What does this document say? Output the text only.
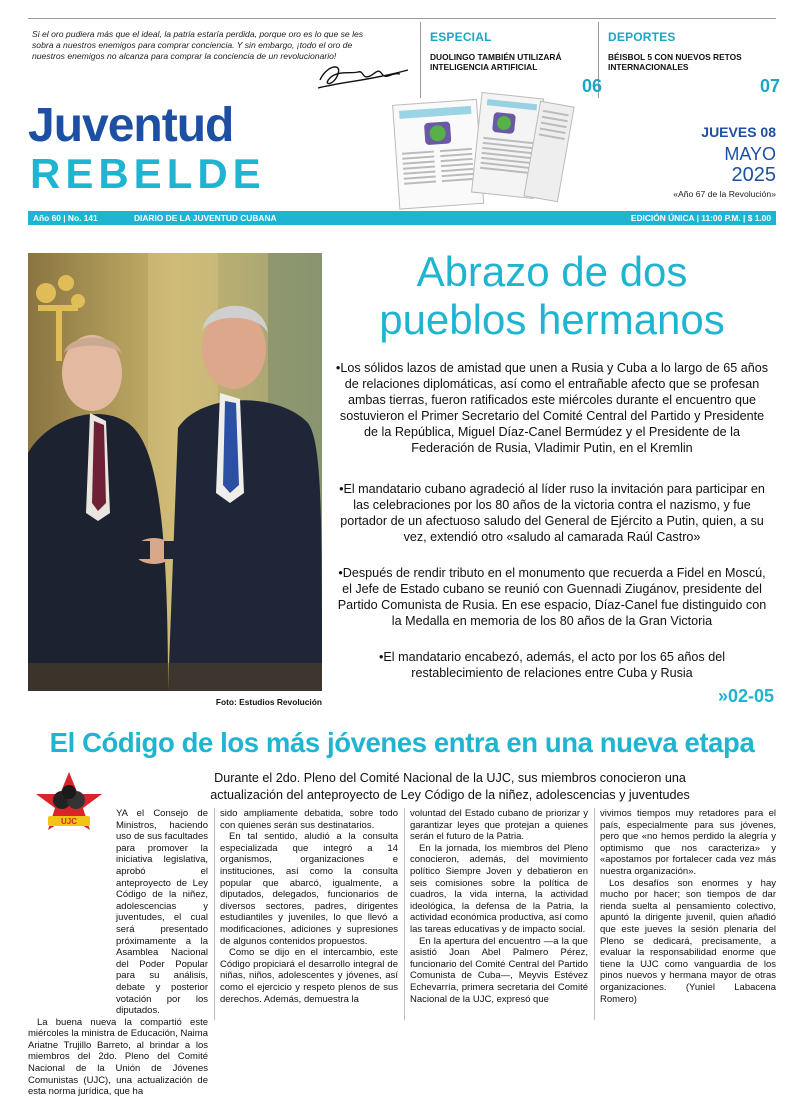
Si el oro pudiera más que el ideal, la patria estaría perdida, porque oro es lo que se les sobra a nuestros enemigos para comprar conciencia. Y sin embargo, ¡todo el oro de nuestros enemigos no alcanza para comprar la conciencia de un revolucionario!
ESPECIAL
DUOLINGO TAMBIÉN UTILIZARÁ INTELIGENCIA ARTIFICIAL
06
DEPORTES
BÉISBOL 5 CON NUEVOS RETOS INTERNACIONALES
07
Juventud
REBELDE
JUEVES 08
MAYO
2025
«Año 67 de la Revolución»
Año 60 | No. 141	DIARIO DE LA JUVENTUD CUBANA	EDICIÓN ÚNICA | 11:00 P.M. | $ 1.00
Foto: Estudios Revolución
Abrazo de dos pueblos hermanos
•Los sólidos lazos de amistad que unen a Rusia y Cuba a lo largo de 65 años de relaciones diplomáticas, así como el entrañable afecto que se profesan ambas tierras, fueron ratificados este miércoles durante el encuentro que sostuvieron el Primer Secretario del Comité Central del Partido y Presidente de la República, Miguel Díaz-Canel Bermúdez y el Presidente de la Federación de Rusia, Vladimir Putin, en el Kremlin
•El mandatario cubano agradeció al líder ruso la invitación para participar en las celebraciones por los 80 años de la victoria contra el nazismo, y fue portador de un afectuoso saludo del General de Ejército a Putin, quien, a su vez, extendió otro «saludo al camarada Raúl Castro»
•Después de rendir tributo en el monumento que recuerda a Fidel en Moscú, el Jefe de Estado cubano se reunió con Guennadi Ziugánov, presidente del Partido Comunista de Rusia. En ese espacio, Díaz-Canel fue distinguido con la Medalla en memoria de los 80 años de la Gran Victoria
•El mandatario encabezó, además, el acto por los 65 años del restablecimiento de relaciones entre Cuba y Rusia
»02-05
El Código de los más jóvenes entra en una nueva etapa
UJC
Durante el 2do. Pleno del Comité Nacional de la UJC, sus miembros conocieron una actualización del anteproyecto de Ley Código de la niñez, adolescencias y juventudes

YA el Consejo de Ministros, haciendo uso de sus facultades para promover la iniciativa legislativa, aprobó el anteproyecto de Ley Código de la niñez, adolescencias y juventudes, el cual será presentado próximamente a la Asamblea Nacional del Poder Popular para su análisis, debate y posterior votación por los diputados.

La buena nueva la compartió este miércoles la ministra de Educación, Naima Ariatne Trujillo Barreto, al brindar a los miembros del 2do. Pleno del Comité Nacional de la Unión de Jóvenes Comunistas (UJC), una actualización de esta norma jurídica, que ha

sido ampliamente debatida, sobre todo con quienes serán sus destinatarios.

En tal sentido, aludió a la consulta especializada que integró a 14 organismos, organizaciones e instituciones, así como la consulta popular que abarcó, igualmente, a diputados, delegados, funcionarios de diversos sectores, padres, dirigentes estudiantiles y juveniles, lo que llevó a modificaciones, adiciones y supresiones de algunos contenidos propuestos.

Como se dijo en el intercambio, este Código propiciará el desarrollo integral de niñas, niños, adolescentes y jóvenes, así como el ejercicio y respeto plenos de sus derechos. Además, demuestra la

voluntad del Estado cubano de priorizar y garantizar leyes que protejan a quienes serán el futuro de la Patria.

En la jornada, los miembros del Pleno conocieron, además, del movimiento político Siempre Joven y debatieron en seis comisiones sobre la política de cuadros, la vida interna, la actividad ideológica, la defensa de la Patria, la actividad económica productiva, así como las tareas educativas y de impacto social.

En la apertura del encuentro —a la que asistió Joan Abel Palmero Pérez, funcionario del Comité Central del Partido Comunista de Cuba—, Meyvis Estévez Echevarría, primera secretaria del Comité Nacional de la UJC, expresó que

vivimos tiempos muy retadores para el país, especialmente para sus jóvenes, pero que «no hemos perdido la alegría y optimismo que nos caracteriza» y «apostamos por fortalecer cada vez más nuestra organización».

Los desafíos son enormes y hay mucho por hacer; son tiempos de dar rienda suelta al pensamiento colectivo, apuntó la dirigente juvenil, quien añadió que este jueves la sesión plenaria del Pleno se dedicará, precisamente, a evaluar la responsabilidad enorme que tiene la UJC como vanguardia de los pinos nuevos y hermana mayor de otras organizaciones. (Yuniel Labacena Romero)
